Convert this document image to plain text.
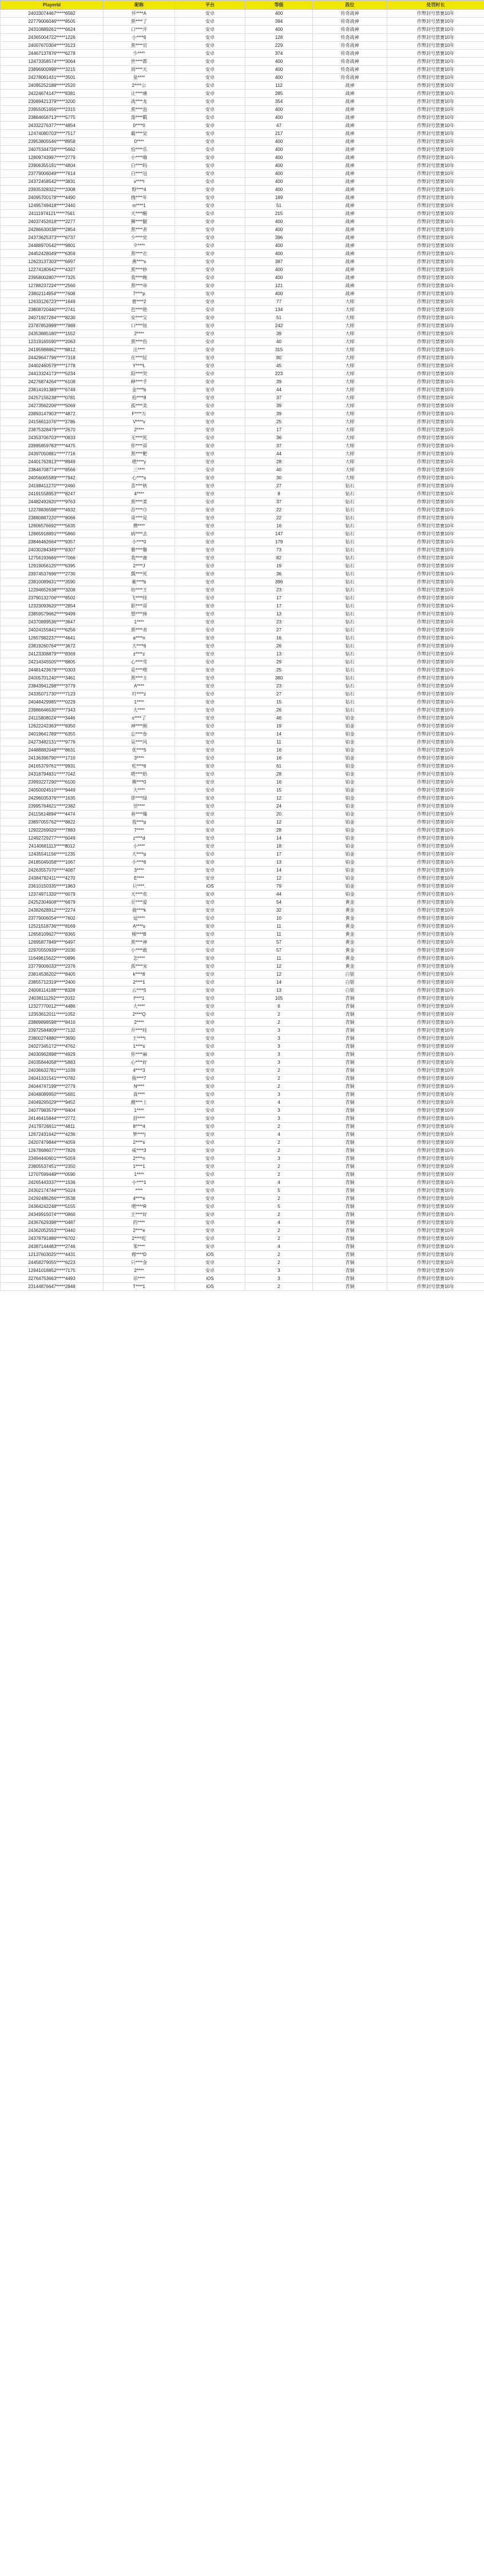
PlayerId	昵称	平台	等级	段位	处罚时长
24033074467*****6582	怀****A	安卓	400	传奇战神	作弊封号禁赛10年
22779006046*****8505	黑****了	安卓	394	传奇战神	作弊封号禁赛10年
24310889261*****6624	口****开	安卓	400	传奇战神	作弊封号禁赛10年
24365004722*****1226	小****6	安卓	128	传奇战神	作弊封号禁赛10年
24007670304*****3123	黑****官	安卓	229	传奇战神	作弊封号禁赛10年
24467137876*****6278	少****	安卓	374	传奇战神	作弊封号禁赛10年
12473358574*****3064	世****都	安卓	400	传奇战神	作弊封号禁赛10年
23896900998*****3215	周****天	安卓	400	传奇战神	作弊封号禁赛10年
24278061431*****3501	泉****	安卓	400	传奇战神	作弊封号禁赛10年
24095252188*****2520	2****公	安卓	112	战神	作弊封号禁赛10年
24224674147*****8381	让****痛	安卓	285	战神	作弊封号禁赛10年
23089421379*****3200	战****龙	安卓	354	战神	作弊封号禁赛10年
23955051656*****2315	黑****泡	安卓	400	战神	作弊封号禁赛10年
23864656713*****5775	落****羁	安卓	400	战神	作弊封号禁赛10年
24332276377*****4854	0****0	安卓	47	战神	作弊封号禁赛10年
12474080703*****7517	霸****觉	安卓	217	战神	作弊封号禁赛10年
23953805546*****8958	0****	安卓	400	战神	作弊封号禁赛10年
24075344726*****5662	怕****乐	安卓	400	战神	作弊封号禁赛10年
12809743997*****2779	小****嗨	安卓	400	战神	作弊封号禁赛10年
23906355191*****4804	白****吗	安卓	400	战神	作弊封号禁赛10年
23779006049*****7614	白****冠	安卓	400	战神	作弊封号禁赛10年
24372458542*****3831	x****l	安卓	400	战神	作弊封号禁赛10年
23935328322*****3308	野****4	安卓	400	战神	作弊封号禁赛10年
24095700178*****4490	拽****年	安卓	189	战神	作弊封号禁赛10年
12495749418*****2440	m****1	安卓	51	战神	作弊封号禁赛10年
24111974121*****7561	天****醒	安卓	215	战神	作弊封号禁赛10年
24037452618*****2277	狮****腿	安卓	400	战神	作弊封号禁赛10年
24286630038*****2854	黑****者	安卓	400	战神	作弊封号禁赛10年
24373625373*****6737	少****党	安卓	396	战神	作弊封号禁赛10年
24488970542*****9801	夕****	安卓	400	战神	作弊封号禁赛10年
24452428049*****6359	黑****衣	安卓	400	战神	作弊封号禁赛10年
12623137303*****6997	燕****s	安卓	387	战神	作弊封号禁赛10年
12274180642*****4327	黑****妙	安卓	400	战神	作弊封号禁赛10年
23958002807*****7325	我****晚	安卓	400	战神	作弊封号禁赛10年
12788237224*****2560	黑****帝	安卓	121	战神	作弊封号禁赛10年
23802114954*****7608	7****p	安卓	400	战神	作弊封号禁赛10年
12633126723*****1649	曹****2	安卓	77	大师	作弊封号禁赛10年
23808720440*****2741	芭****艳	安卓	134	大师	作弊封号禁赛10年
24071927284*****8230	安****宝	安卓	51	大师	作弊封号禁赛10年
23787853999*****7989	口****钮	安卓	242	大师	作弊封号禁赛10年
24353885180*****1552	2****	安卓	39	大师	作弊封号禁赛10年
12319165590*****2063	黑****伤	安卓	40	大师	作弊封号禁赛10年
24195988862*****8812	汪****	安卓	315	大师	作弊封号禁赛10年
24429647796*****7318	在****屁	安卓	80	大师	作弊封号禁赛10年
24402460579*****1778	Y****L	安卓	45	大师	作弊封号禁赛10年
24413324173*****5234	阳****哭	安卓	223	大师	作弊封号禁赛10年
24276874264*****6108	释****手	安卓	39	大师	作弊封号禁赛10年
23814191389*****6749	金****b	安卓	44	大师	作弊封号禁赛10年
24257156238*****0781	拾****8	安卓	37	大师	作弊封号禁赛10年
24273562206*****5069	孤****美	安卓	39	大师	作弊封号禁赛10年
23893147903*****4872	F****万	安卓	39	大师	作弊封号禁赛10年
24156611076*****3786	V****v	安卓	25	大师	作弊封号禁赛10年
23875328479*****2670	2****	安卓	17	大师	作弊封号禁赛10年
24353706703*****0833	无****死	安卓	36	大师	作弊封号禁赛10年
23995859783*****4475	你****哥	安卓	37	大师	作弊封号禁赛10年
24397050881*****7716	黑****靶	安卓	44	大师	作弊封号禁赛10年
24401762813*****8949	嗯****y	安卓	28	大师	作弊封号禁赛10年
23846708774*****8566	三****	安卓	40	大师	作弊封号禁赛10年
24056065589*****7942	心****s	安卓	30	大师	作弊封号禁赛10年
24198411270*****2460	喜****秋	安卓	27	钻石	作弊封号禁赛10年
24191558953*****8247	4****	安卓	8	钻石	作弊封号禁赛10年
24482492620*****9763	黑****菜	安卓	37	钻石	作弊封号禁赛10年
12278836598*****4932	吾****巾	安卓	22	钻石	作弊封号禁赛10年
23880887220*****8066	哥****是	安卓	22	钻石	作弊封号禁赛10年
12606576692*****5635	攒****	安卓	16	钻石	作弊封号禁赛10年
12865918891*****5860	病****去	安卓	147	钻石	作弊封号禁赛10年
23846462664*****9357	小****0	安卓	179	钻石	作弊封号禁赛10年
24030284349*****8307	雅****馨	安卓	73	钻石	作弊封号禁赛10年
12756193666*****7066	我****谢	安卓	82	钻石	作弊封号禁赛10年
12919056125*****6395	2****J	安卓	19	钻石	作弊封号禁赛10年
23974537696*****2730	瓢****死	安卓	36	钻石	作弊封号禁赛10年
23810089631*****3590	紫****b	安卓	396	钻石	作弊封号禁赛10年
12294652638*****3208	幼****王	安卓	23	钻石	作弊封号禁赛10年
23790132706*****8502	飞****怪	安卓	17	钻石	作弊封号禁赛10年
12323093620*****2854	影****哥	安卓	17	钻石	作弊封号禁赛10年
23859579662*****9499	想****揍	安卓	13	钻石	作弊封号禁赛10年
24370899536*****3647	1****	安卓	23	钻石	作弊封号禁赛10年
24024155841*****6256	黑****者	安卓	27	钻石	作弊封号禁赛10年
12657982237*****4641	a****n	安卓	16	钻石	作弊封号禁赛10年
23819260764*****3672	大****6	安卓	26	钻石	作弊封号禁赛10年
24123308879*****8369	z****z	安卓	13	钻石	作弊封号禁赛10年
24214345505*****8805	心****雪	安卓	29	钻石	作弊封号禁赛10年
24481423679*****0303	是****嘿	安卓	25	钻石	作弊封号禁赛10年
24005701240*****3461	黑****主	安卓	380	钻石	作弊封号禁赛10年
23843941298*****3779	A****	安卓	23	钻石	作弊封号禁赛10年
24335071730*****7123	叮****z	安卓	27	钻石	作弊封号禁赛10年
24048429985*****0229	1****	安卓	15	钻石	作弊封号禁赛10年
23986646530*****7343	大****	安卓	26	钻石	作弊封号禁赛10年
24115808024*****3446	s****了	安卓	46	铂金	作弊封号禁赛10年
12622242363*****8350	神****刚	安卓	19	铂金	作弊封号禁赛10年
24019641789*****6355	忘****卷	安卓	14	铂金	作弊封号禁赛10年
24273482131*****9776	呆****风	安卓	11	铂金	作弊封号禁赛10年
24488882048*****8631	优****5	安卓	16	铂金	作弊封号禁赛10年
24136396790*****1710	3****	安卓	16	铂金	作弊封号禁赛10年
24165379761*****9931	吃****6	安卓	61	铂金	作弊封号禁赛10年
24318794831*****7042	嗯****奶	安卓	28	铂金	作弊封号禁赛10年
23993227290*****6100	佛****0	安卓	16	铂金	作弊封号禁赛10年
24050024510*****9449	大****	安卓	15	铂金	作弊封号禁赛10年
24296035376*****1635	即****绿	安卓	12	铂金	作弊封号禁赛10年
23995764621*****2382	翌****	安卓	24	铂金	作弊封号禁赛10年
24115614894*****4474	春****爆	安卓	20	铂金	作弊封号禁赛10年
23897055762*****8822	我****p	安卓	12	铂金	作弊封号禁赛10年
12922269020*****7883	7****	安卓	28	铂金	作弊封号禁赛10年
12492729277*****6049	z****d	安卓	14	铂金	作弊封号禁赛10年
24140681113*****8012	小****	安卓	18	铂金	作弊封号禁赛10年
12435541156*****1235	大****p	安卓	17	铂金	作弊封号禁赛10年
24185045058*****1067	小****6	安卓	13	铂金	作弊封号禁赛10年
24263557070*****4087	3****	安卓	14	铂金	作弊封号禁赛10年
24384782411*****4270	E****	安卓	12	铂金	作弊封号禁赛10年
23610150335*****1963	只****.	iOS	79	铂金	作弊封号禁赛10年
12374971320*****6079	天****欢	安卓	44	铂金	作弊封号禁赛10年
24252304608*****6879	至****爱	安卓	54	黄金	作弊封号禁赛10年
24382628912*****2274	骑****k	安卓	32	黄金	作弊封号禁赛10年
23779006054*****7602	逗****	安卓	10	黄金	作弊封号禁赛10年
12521518736*****8169	A****s	安卓	11	黄金	作弊封号禁赛10年
12658109627*****8365	梯****B	安卓	11	黄金	作弊封号禁赛10年
12695877849*****6497	黑****神	安卓	57	黄金	作弊封号禁赛10年
22970550939*****2030	小****敢	安卓	57	黄金	作弊封号禁赛10年
11649615622*****0896	怎****	安卓	11	黄金	作弊封号禁赛10年
23779006033*****2376	孤****宋	安卓	12	黄金	作弊封号禁赛10年
23814536202*****8405	k****8	安卓	12	白银	作弊封号禁赛10年
23855712319*****2400	2****1	安卓	14	白银	作弊封号禁赛10年
24006114188*****8328	云****5	安卓	13	白银	作弊封号禁赛10年
24038111292*****2032	l****1	安卓	105	青铜	作弊封号禁赛10年
12327770012*****4486	大****	安卓	6	青铜	作弊封号禁赛10年
12353612011*****1052	2****Q	安卓	2	青铜	作弊封号禁赛10年
23889898598*****8410	2****	安卓	2	青铜	作弊封号禁赛10年
23972584809*****7132	开****哇	安卓	3	青铜	作弊封号禁赛10年
23800274880*****3690	王****t	安卓	3	青铜	作弊封号禁赛10年
24027345172*****4762	1****s	安卓	3	青铜	作弊封号禁赛10年
24030962898*****4929	你****麻	安卓	3	青铜	作弊封号禁赛10年
24035844058*****5883	心****好	安卓	3	青铜	作弊封号禁赛10年
24036632781*****1039	4****3	安卓	2	青铜	作弊封号禁赛10年
24041331541*****0782	熊****7	安卓	2	青铜	作弊封号禁赛10年
24044747199*****2779	N****	安卓	2	青铜	作弊封号禁赛10年
24048089950*****5681	真****	安卓	3	青铜	作弊封号禁赛10年
24049295029*****9452	靓****上	安卓	4	青铜	作弊封号禁赛10年
24077983579*****8404	1****	安卓	3	青铜	作弊封号禁赛10年
24146415844*****2772	舒****	安卓	3	青铜	作弊封号禁赛10年
24179726911*****4811	8****4	安卓	2	青铜	作弊封号禁赛10年
12672431642*****4236	梦****j	安卓	4	青铜	作弊封号禁赛10年
24207479844*****4059	2****s	安卓	2	青铜	作弊封号禁赛10年
12678686077*****7826	威****3	安卓	2	青铜	作弊封号禁赛10年
23494440601*****5059	2****n	安卓	3	青铜	作弊封号禁赛10年
23805537451*****2350	1****1	安卓	2	青铜	作弊封号禁赛10年
12707599449*****0590	1****	安卓	2	青铜	作弊封号禁赛10年
24265443337*****1536	小****1	安卓	4	青铜	作弊封号禁赛10年
24302174744*****5024	****	安卓	5	青铜	作弊封号禁赛10年
24292486266*****3538	4****e	安卓	2	青铜	作弊封号禁赛10年
24364242248*****5155	嗯****R	安卓	5	青铜	作弊封号禁赛10年
24349915074*****0860	王****好	安卓	2	青铜	作弊封号禁赛10年
24367629398*****0487	的****	安卓	4	青铜	作弊封号禁赛10年
24362052553*****0440	2****e	安卓	2	青铜	作弊封号禁赛10年
24378791886*****6702	2****吃	安卓	2	青铜	作弊封号禁赛10年
24387144483*****2746	笨****	安卓	4	青铜	作弊封号禁赛10年
12137603025*****4431	穆****D	iOS	2	青铜	作弊封号禁赛10年
24458279055*****6223	只****金	安卓	2	青铜	作弊封号禁赛10年
12941018852*****7175	2****	安卓	3	青铜	作弊封号禁赛10年
22764753663*****4493	吊****	iOS	3	青铜	作弊封号禁赛10年
23144876647*****2848	T****1	iOS	2	青铜	作弊封号禁赛10年
